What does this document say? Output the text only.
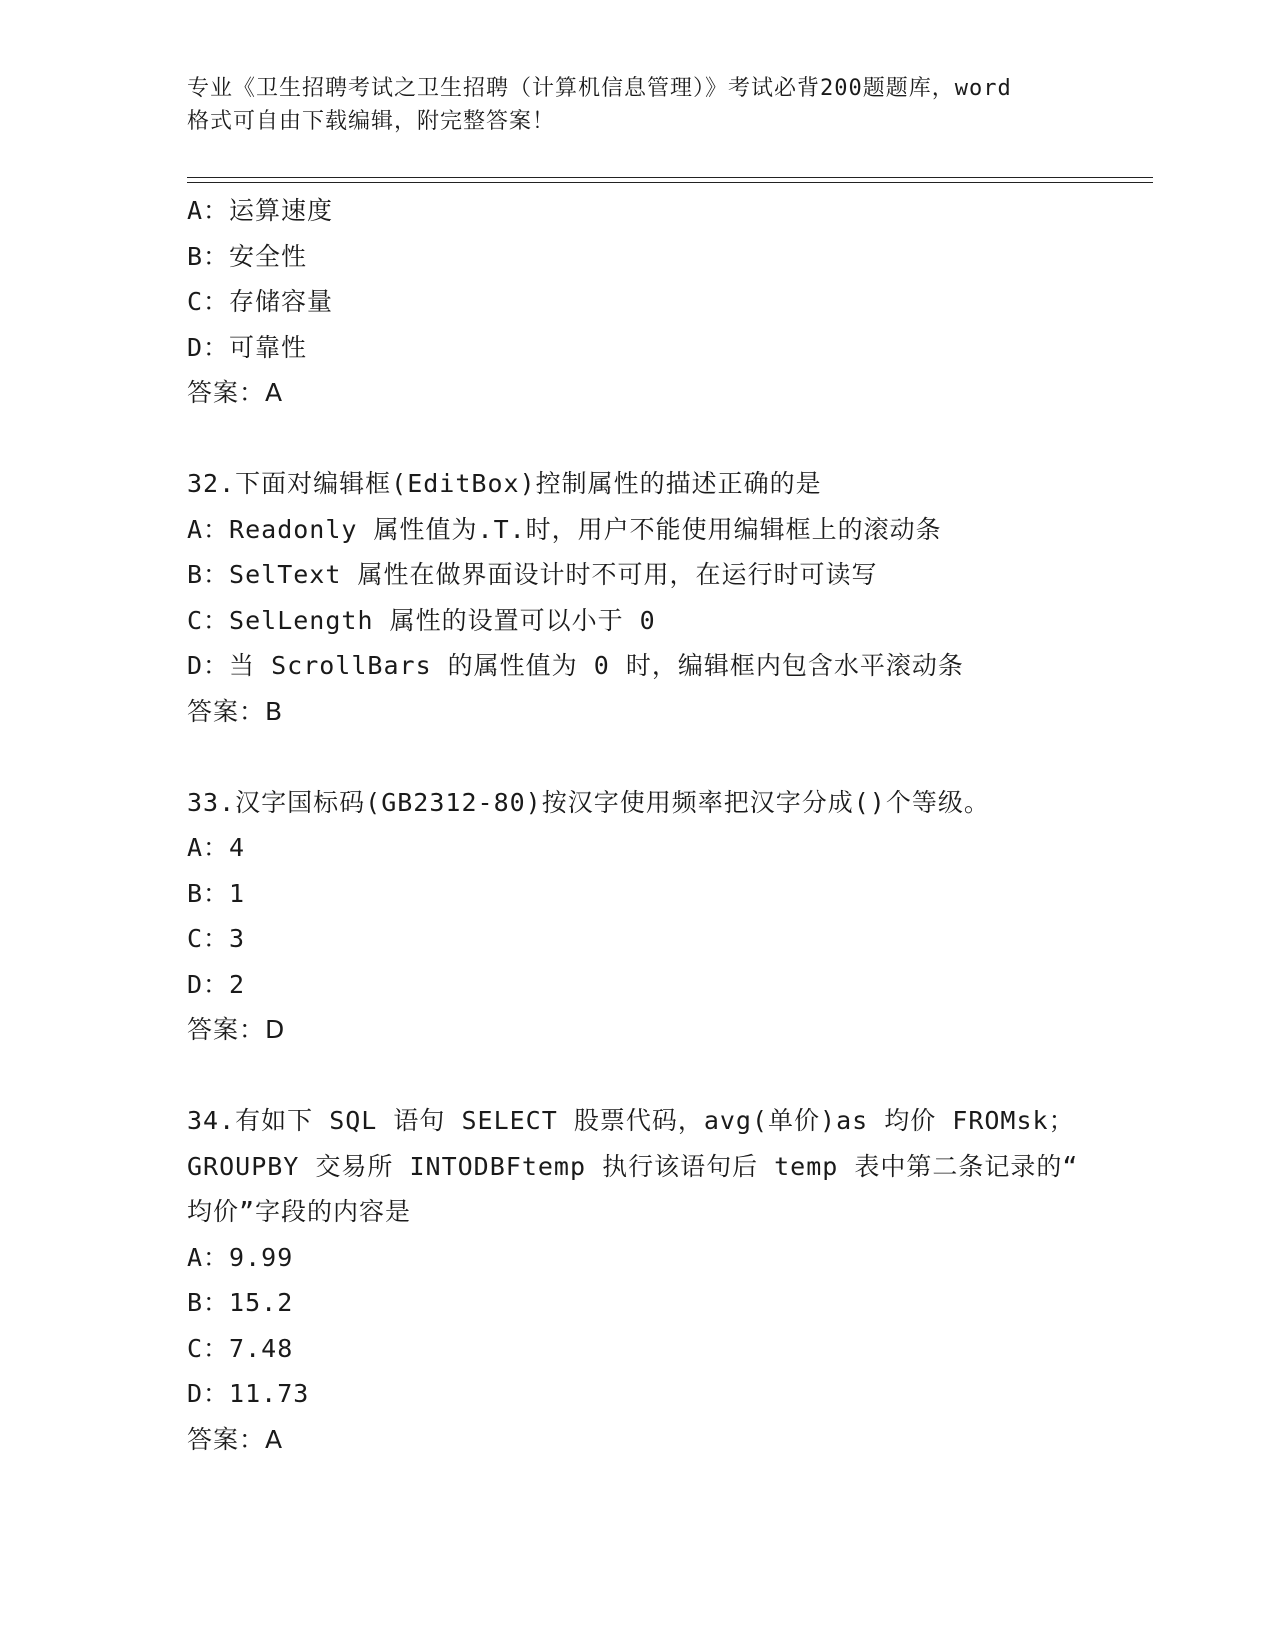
专业《卫生招聘考试之卫生招聘（计算机信息管理）》考试必背200题题库，word
格式可自由下载编辑，附完整答案！
A：运算速度
B：安全性
C：存储容量
D：可靠性
答案：A
32.下面对编辑框(EditBox)控制属性的描述正确的是
A：Readonly 属性值为.T.时，用户不能使用编辑框上的滚动条
B：SelText 属性在做界面设计时不可用，在运行时可读写
C：SelLength 属性的设置可以小于 0
D：当 ScrollBars 的属性值为 0 时，编辑框内包含水平滚动条
答案：B
33.汉字国标码(GB2312-80)按汉字使用频率把汉字分成()个等级。
A：4
B：1
C：3
D：2
答案：D
34.有如下 SQL 语句 SELECT 股票代码，avg(单价)as 均价 FROMsk；
GROUPBY 交易所 INTODBFtemp 执行该语句后 temp 表中第二条记录的“
均价”字段的内容是
A：9.99
B：15.2
C：7.48
D：11.73
答案：A
